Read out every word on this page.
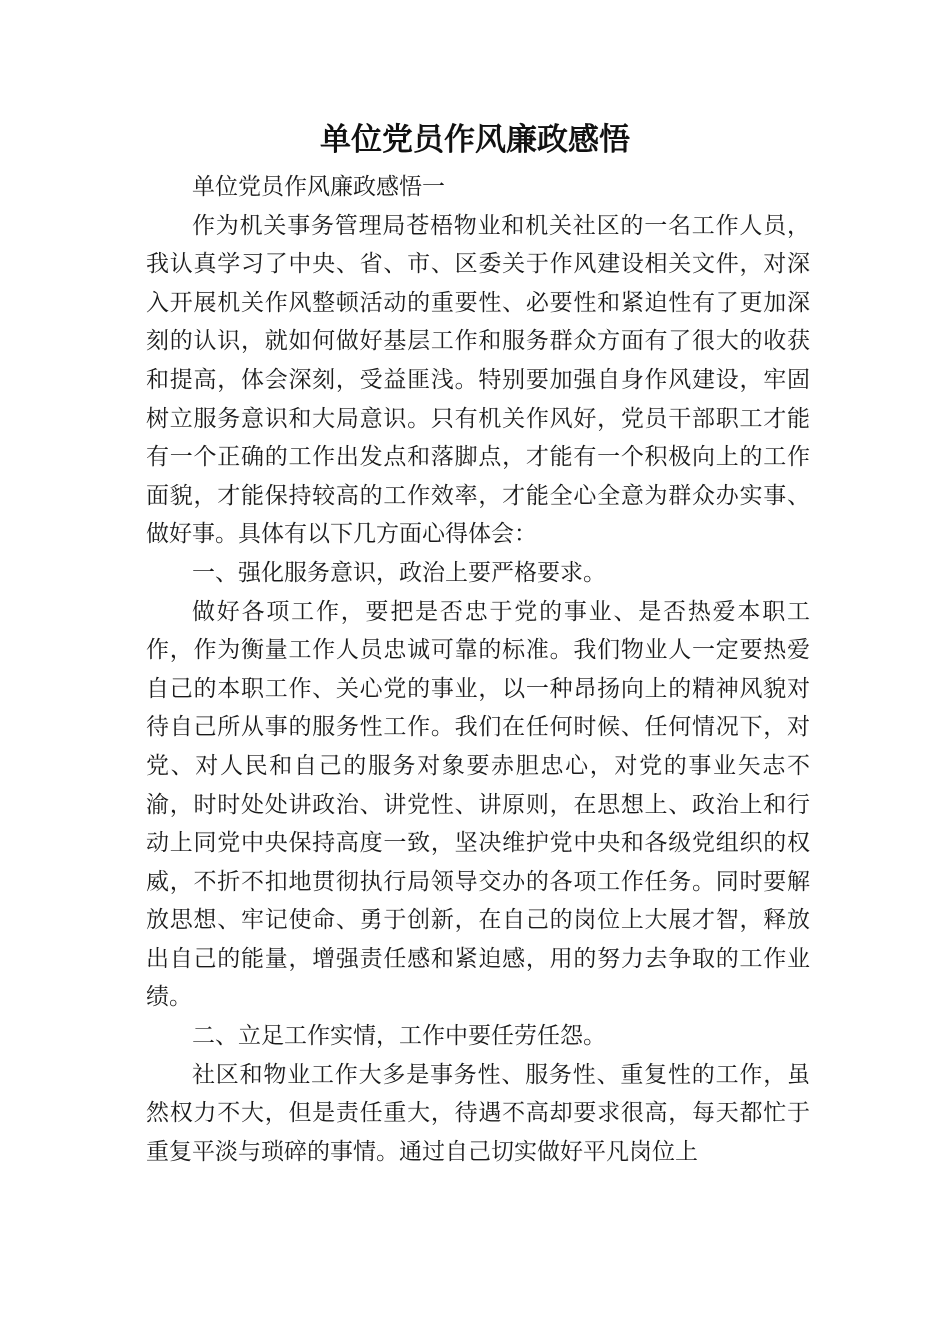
单位党员作风廉政感悟

单位党员作风廉政感悟一

作为机关事务管理局苍梧物业和机关社区的一名工作人员，我认真学习了中央、省、市、区委关于作风建设相关文件，对深入开展机关作风整顿活动的重要性、必要性和紧迫性有了更加深刻的认识，就如何做好基层工作和服务群众方面有了很大的收获和提高，体会深刻，受益匪浅。特别要加强自身作风建设，牢固树立服务意识和大局意识。只有机关作风好，党员干部职工才能有一个正确的工作出发点和落脚点，才能有一个积极向上的工作面貌，才能保持较高的工作效率，才能全心全意为群众办实事、做好事。具体有以下几方面心得体会：

一、强化服务意识，政治上要严格要求。

做好各项工作，要把是否忠于党的事业、是否热爱本职工作，作为衡量工作人员忠诚可靠的标准。我们物业人一定要热爱自己的本职工作、关心党的事业，以一种昂扬向上的精神风貌对待自己所从事的服务性工作。我们在任何时候、任何情况下，对党、对人民和自己的服务对象要赤胆忠心，对党的事业矢志不渝，时时处处讲政治、讲党性、讲原则，在思想上、政治上和行动上同党中央保持高度一致，坚决维护党中央和各级党组织的权威，不折不扣地贯彻执行局领导交办的各项工作任务。同时要解放思想、牢记使命、勇于创新，在自己的岗位上大展才智，释放出自己的能量，增强责任感和紧迫感，用的努力去争取的工作业绩。

二、立足工作实情，工作中要任劳任怨。

社区和物业工作大多是事务性、服务性、重复性的工作，虽然权力不大，但是责任重大，待遇不高却要求很高，每天都忙于重复平淡与琐碎的事情。通过自己切实做好平凡岗位上
